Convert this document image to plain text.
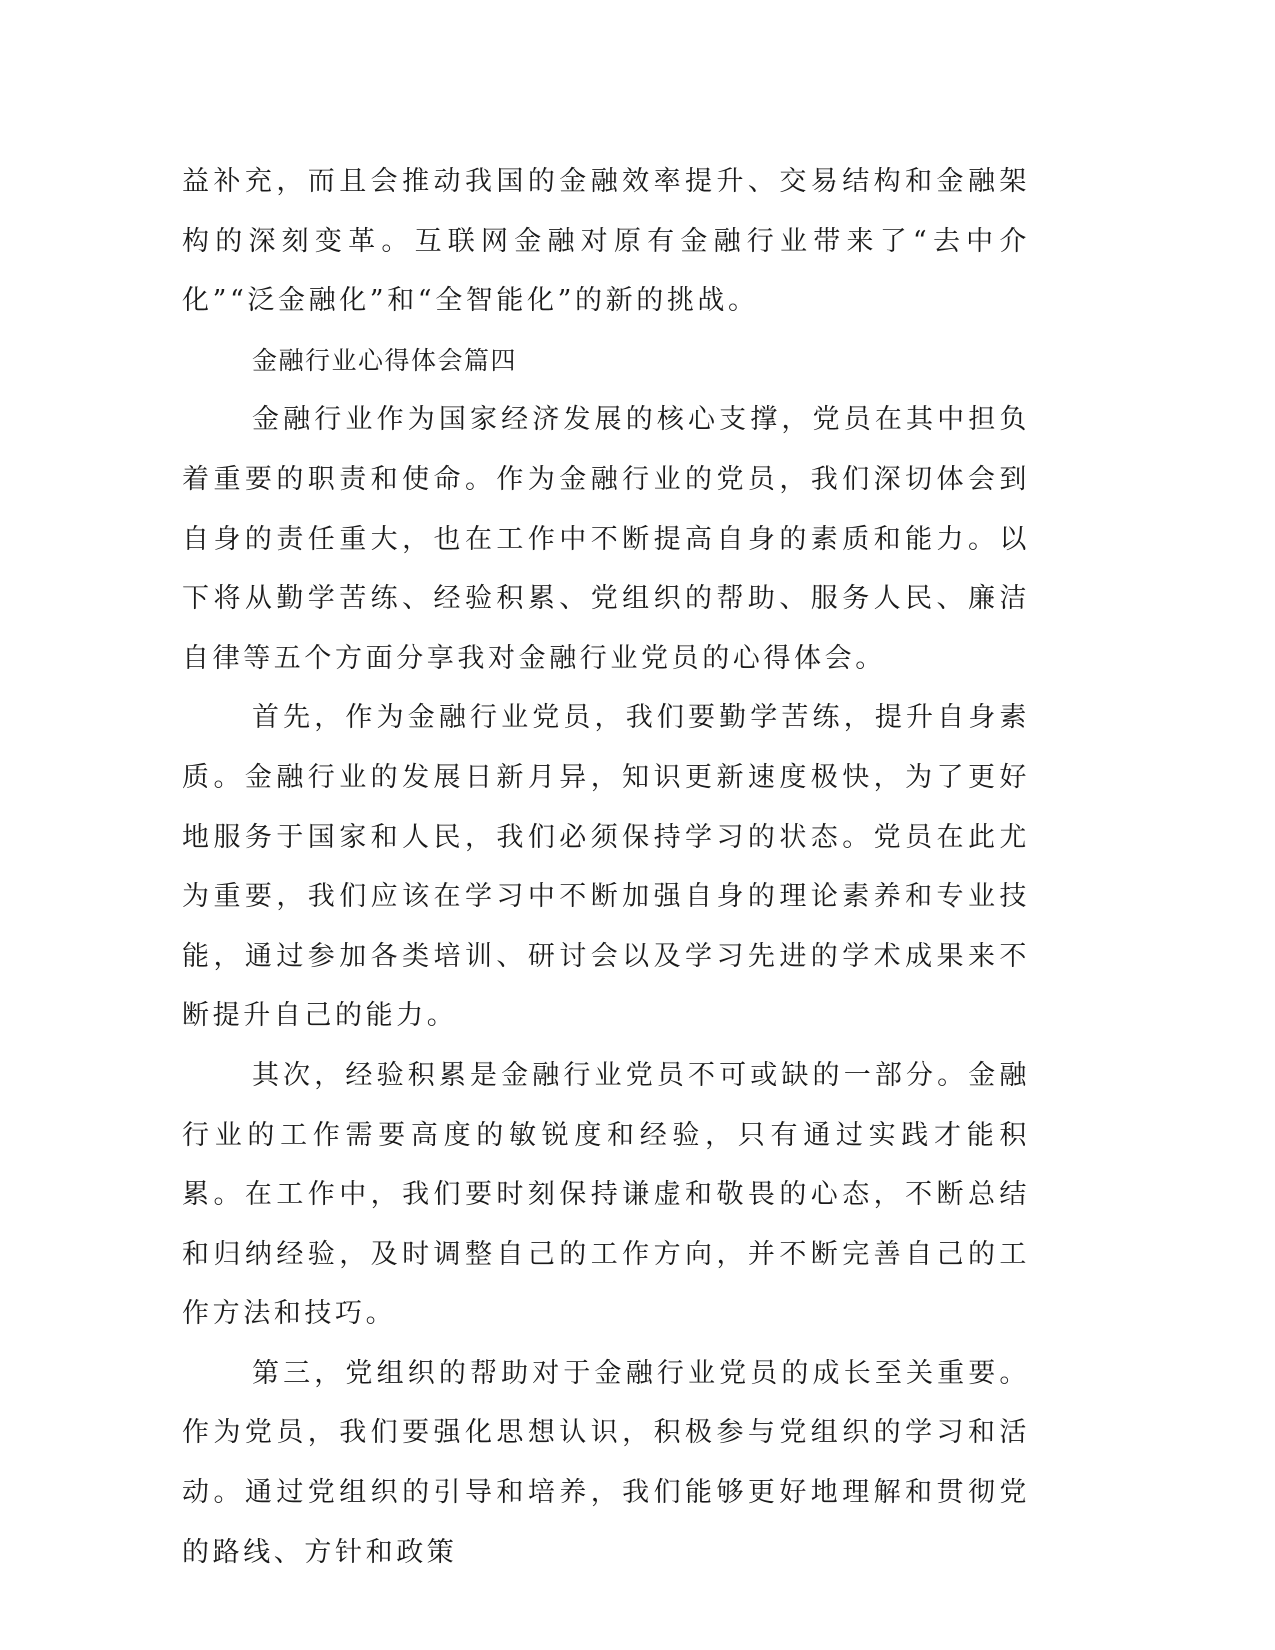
益补充，而且会推动我国的金融效率提升、交易结构和金融架构的深刻变革。互联网金融对原有金融行业带来了“去中介化”“泛金融化”和“全智能化”的新的挑战。

金融行业心得体会篇四

金融行业作为国家经济发展的核心支撑，党员在其中担负着重要的职责和使命。作为金融行业的党员，我们深切体会到自身的责任重大，也在工作中不断提高自身的素质和能力。以下将从勤学苦练、经验积累、党组织的帮助、服务人民、廉洁自律等五个方面分享我对金融行业党员的心得体会。

首先，作为金融行业党员，我们要勤学苦练，提升自身素质。金融行业的发展日新月异，知识更新速度极快，为了更好地服务于国家和人民，我们必须保持学习的状态。党员在此尤为重要，我们应该在学习中不断加强自身的理论素养和专业技能，通过参加各类培训、研讨会以及学习先进的学术成果来不断提升自己的能力。

其次，经验积累是金融行业党员不可或缺的一部分。金融行业的工作需要高度的敏锐度和经验，只有通过实践才能积累。在工作中，我们要时刻保持谦虚和敬畏的心态，不断总结和归纳经验，及时调整自己的工作方向，并不断完善自己的工作方法和技巧。

第三，党组织的帮助对于金融行业党员的成长至关重要。作为党员，我们要强化思想认识，积极参与党组织的学习和活动。通过党组织的引导和培养，我们能够更好地理解和贯彻党的路线、方针和政策
